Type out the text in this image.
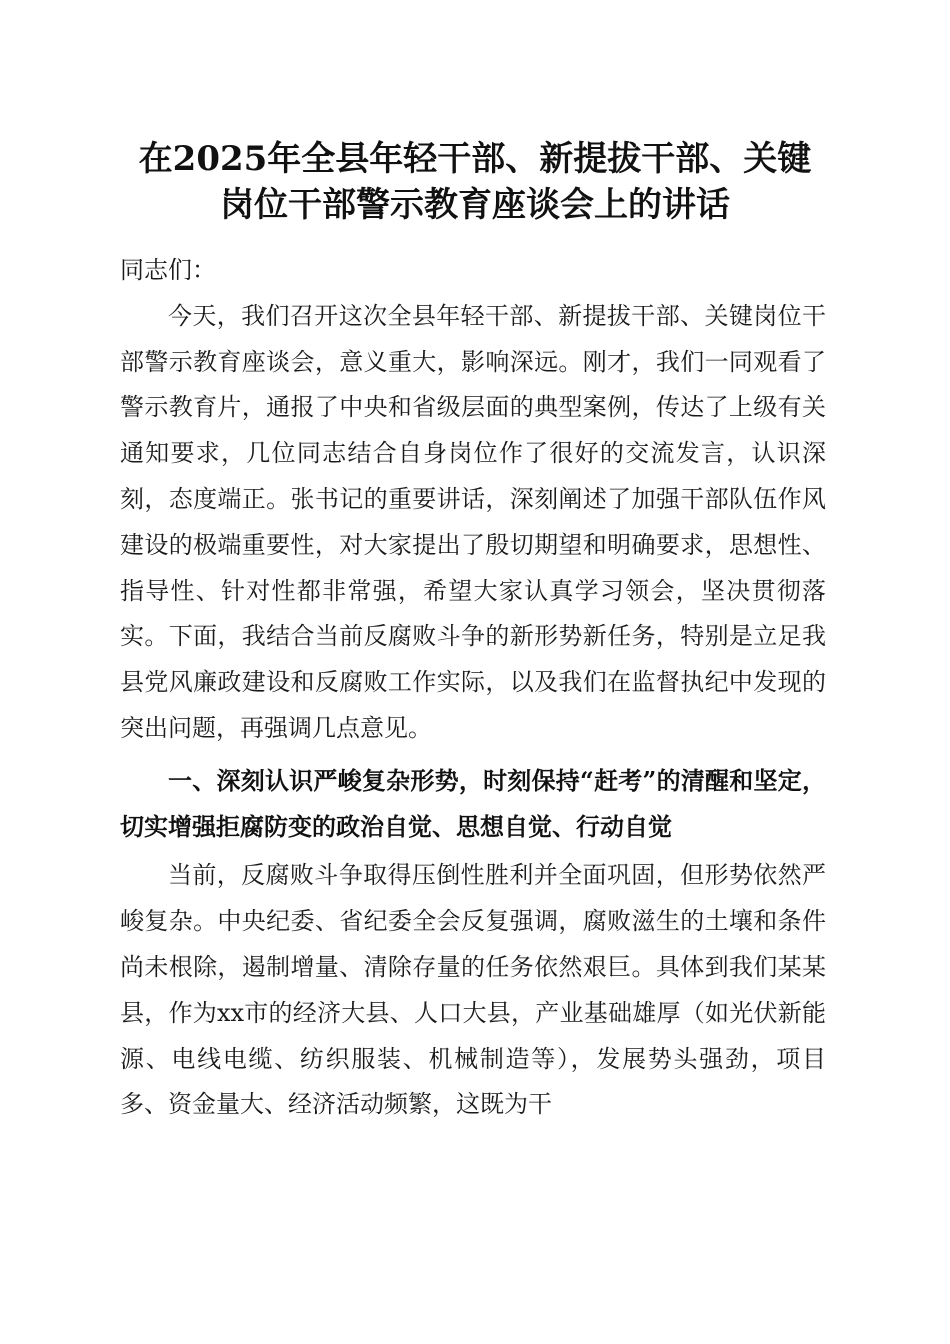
在2025年全县年轻干部、新提拔干部、关键
岗位干部警示教育座谈会上的讲话

同志们：

今天，我们召开这次全县年轻干部、新提拔干部、关键岗位干部警示教育座谈会，意义重大，影响深远。刚才，我们一同观看了警示教育片，通报了中央和省级层面的典型案例，传达了上级有关通知要求，几位同志结合自身岗位作了很好的交流发言，认识深刻，态度端正。张书记的重要讲话，深刻阐述了加强干部队伍作风建设的极端重要性，对大家提出了殷切期望和明确要求，思想性、指导性、针对性都非常强，希望大家认真学习领会，坚决贯彻落实。下面，我结合当前反腐败斗争的新形势新任务，特别是立足我县党风廉政建设和反腐败工作实际，以及我们在监督执纪中发现的突出问题，再强调几点意见。

一、深刻认识严峻复杂形势，时刻保持“赶考”的清醒和坚定，切实增强拒腐防变的政治自觉、思想自觉、行动自觉

当前，反腐败斗争取得压倒性胜利并全面巩固，但形势依然严峻复杂。中央纪委、省纪委全会反复强调，腐败滋生的土壤和条件尚未根除，遏制增量、清除存量的任务依然艰巨。具体到我们某某县，作为xx市的经济大县、人口大县，产业基础雄厚（如光伏新能源、电线电缆、纺织服装、机械制造等），发展势头强劲，项目多、资金量大、经济活动频繁，这既为干
